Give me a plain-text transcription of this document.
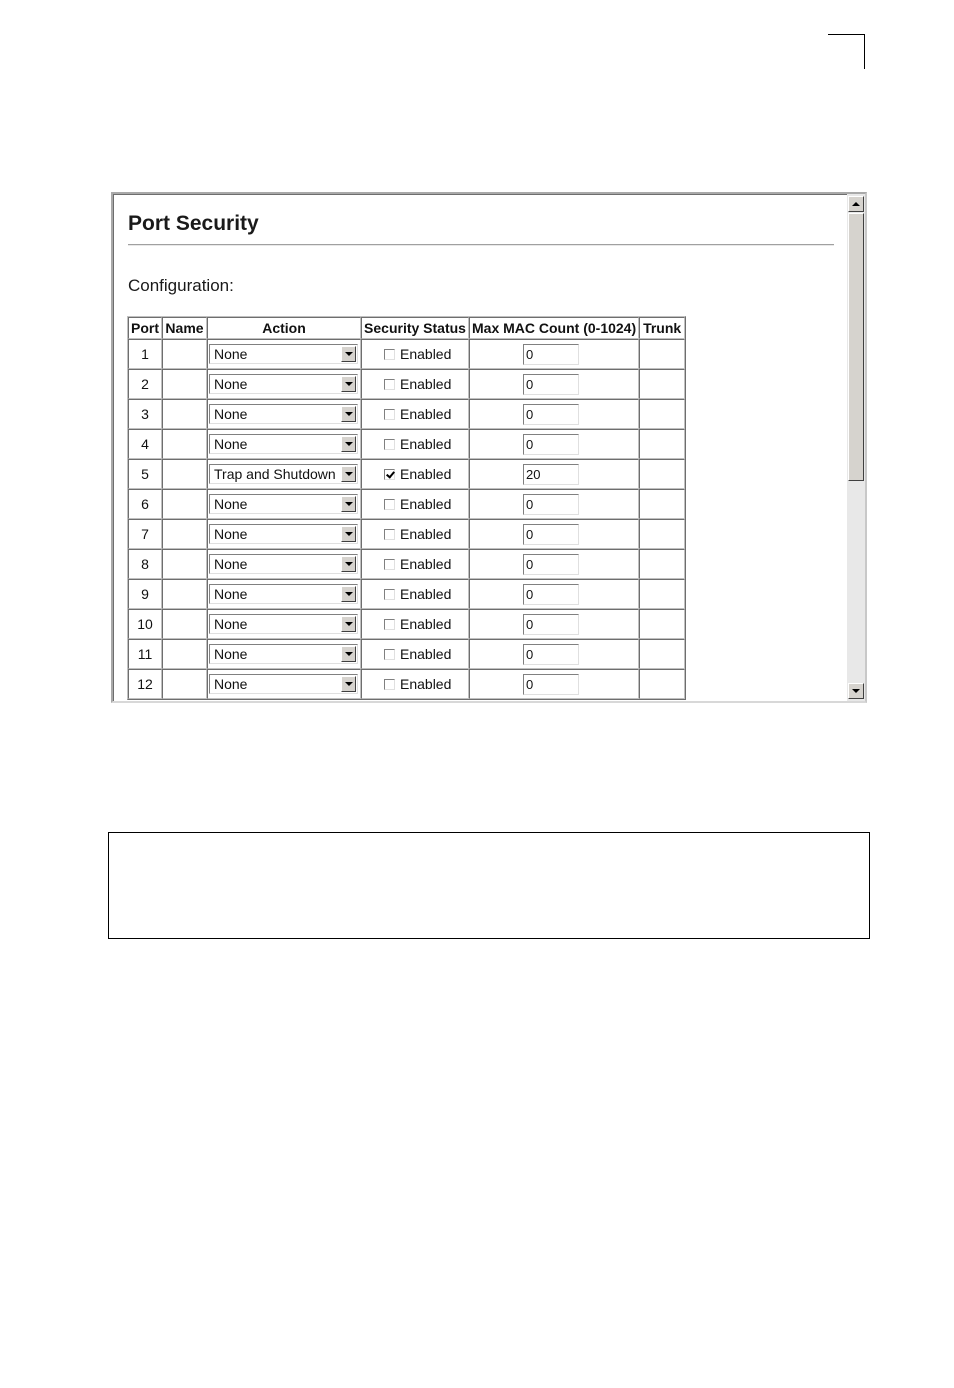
Port Security
Configuration:
Port	Name	Action	Security Status	Max MAC Count (0-1024)	Trunk
1		None	Enabled	0	

2		None	Enabled	0	

3		None	Enabled	0	

4		None	Enabled	0	

5		Trap and Shutdown	Enabled	20	

6		None	Enabled	0	

7		None	Enabled	0	

8		None	Enabled	0	

9		None	Enabled	0	

10		None	Enabled	0	

11		None	Enabled	0	

12		None	Enabled	0	
